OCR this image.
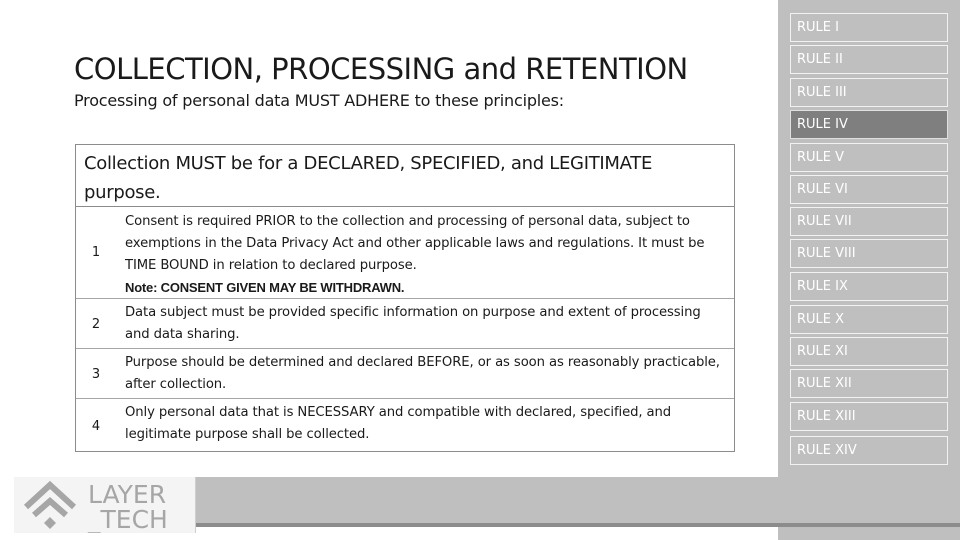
LAYER
_TECH
COLLECTION, PROCESSING and RETENTION
Processing of personal data MUST ADHERE to these principles:
Collection MUST be for a DECLARED, SPECIFIED, and LEGITIMATE purpose.
1
Consent is required PRIOR to the collection and processing of personal data, subject to exemptions in the Data Privacy Act and other applicable laws and regulations. It must be TIME BOUND in relation to declared purpose.
Note: CONSENT GIVEN MAY BE WITHDRAWN.
2
Data subject must be provided specific information on purpose and extent of processing and data sharing.
3
Purpose should be determined and declared BEFORE, or as soon as reasonably practicable, after collection.
4
Only personal data that is NECESSARY and compatible with declared, specified, and legitimate purpose shall be collected.
RULE I
RULE II
RULE III
RULE IV
RULE V
RULE VI
RULE VII
RULE VIII
RULE IX
RULE X
RULE XI
RULE XII
RULE XIII
RULE XIV
